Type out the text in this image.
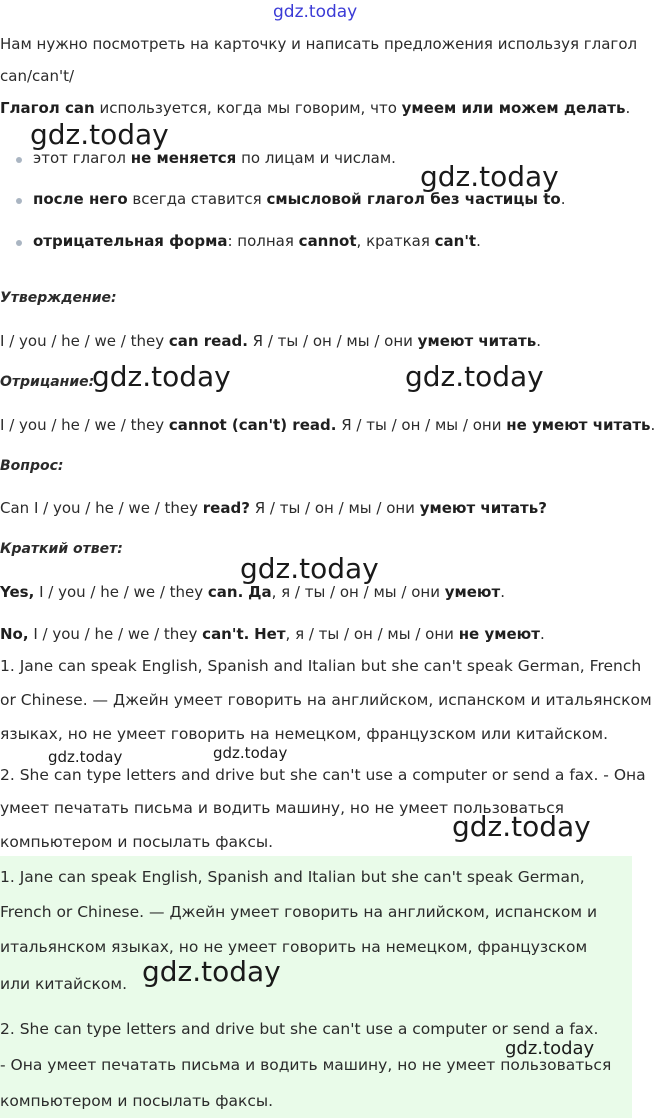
gdz.today
Нам нужно посмотреть на карточку и написать предложения используя глагол
can/can't/
Глагол can используется, когда мы говорим, что умеем или можем делать.
gdz.today
этот глагол не меняется по лицам и числам.
gdz.today
после него всегда ставится смысловой глагол без частицы to.
отрицательная форма: полная cannot, краткая can't.
Утверждение:
I / you / he / we / they can read. Я / ты / он / мы / они умеют читать.
Отрицание:
gdz.today	gdz.today
I / you / he / we / they cannot (can't) read. Я / ты / он / мы / они не умеют читать.
Вопрос:
Can I / you / he / we / they read? Я / ты / он / мы / они умеют читать?
Краткий ответ:
gdz.today
Yes, I / you / he / we / they can. Да, я / ты / он / мы / они умеют.
No, I / you / he / we / they can't. Нет, я / ты / он / мы / они не умеют.
1. Jane can speak English, Spanish and Italian but she can't speak German, French
or Chinese. — Джейн умеет говорить на английском, испанском и итальянском
языках, но не умеет говорить на немецком, французском или китайском.
gdz.today	gdz.today
2. She can type letters and drive but she can't use a computer or send a fax. - Она
умеет печатать письма и водить машину, но не умеет пользоваться
компьютером и посылать факсы.	gdz.today
1. Jane can speak English, Spanish and Italian but she can't speak German,
French or Chinese. — Джейн умеет говорить на английском, испанском и
итальянском языках, но не умеет говорить на немецком, французском
или китайском. gdz.today
2. She can type letters and drive but she can't use a computer or send a fax.
gdz.today
- Она умеет печатать письма и водить машину, но не умеет пользоваться
компьютером и посылать факсы.
